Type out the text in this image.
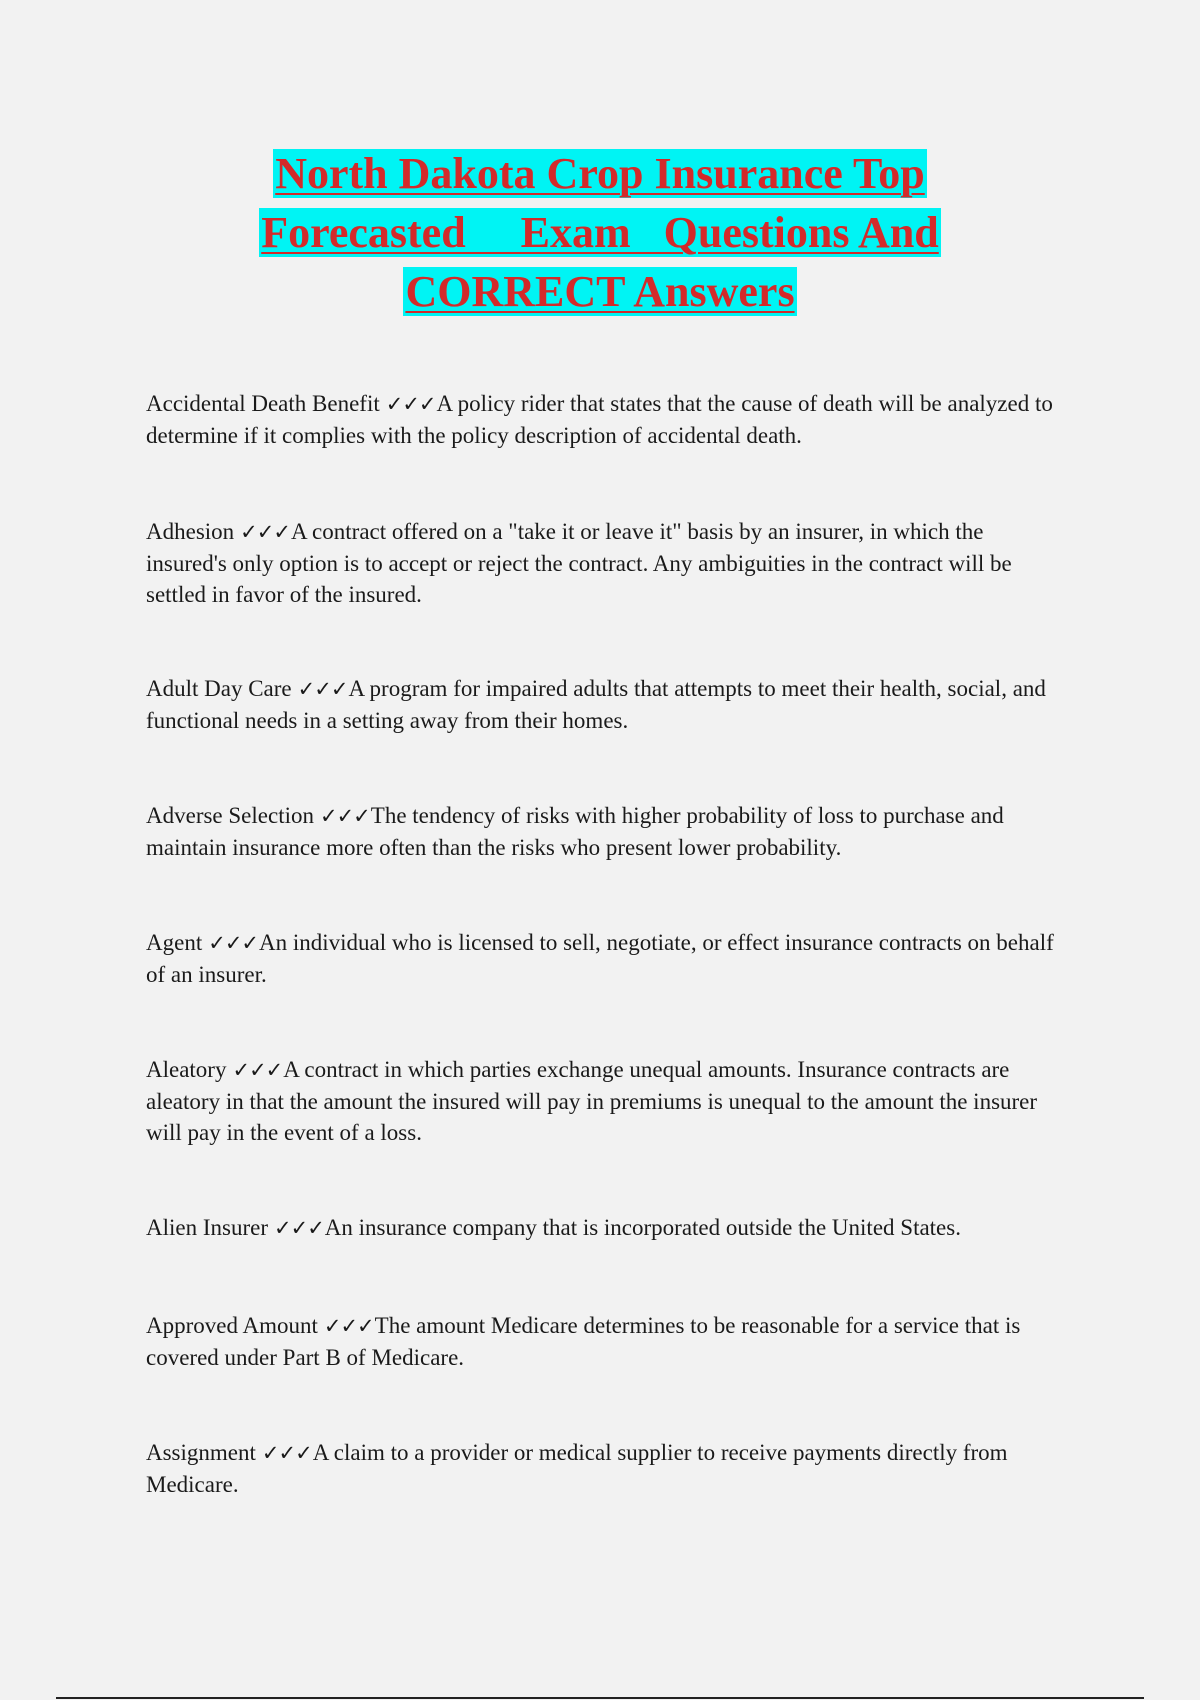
North Dakota Crop Insurance Top
Forecasted     Exam   Questions And
CORRECT Answers

Accidental Death Benefit ✓✓✓A policy rider that states that the cause of death will be analyzed to determine if it complies with the policy description of accidental death.

Adhesion ✓✓✓A contract offered on a "take it or leave it" basis by an insurer, in which the insured's only option is to accept or reject the contract. Any ambiguities in the contract will be settled in favor of the insured.

Adult Day Care ✓✓✓A program for impaired adults that attempts to meet their health, social, and functional needs in a setting away from their homes.

Adverse Selection ✓✓✓The tendency of risks with higher probability of loss to purchase and maintain insurance more often than the risks who present lower probability.

Agent ✓✓✓An individual who is licensed to sell, negotiate, or effect insurance contracts on behalf of an insurer.

Aleatory ✓✓✓A contract in which parties exchange unequal amounts. Insurance contracts are aleatory in that the amount the insured will pay in premiums is unequal to the amount the insurer will pay in the event of a loss.

Alien Insurer ✓✓✓An insurance company that is incorporated outside the United States.

Approved Amount ✓✓✓The amount Medicare determines to be reasonable for a service that is covered under Part B of Medicare.

Assignment ✓✓✓A claim to a provider or medical supplier to receive payments directly from Medicare.
